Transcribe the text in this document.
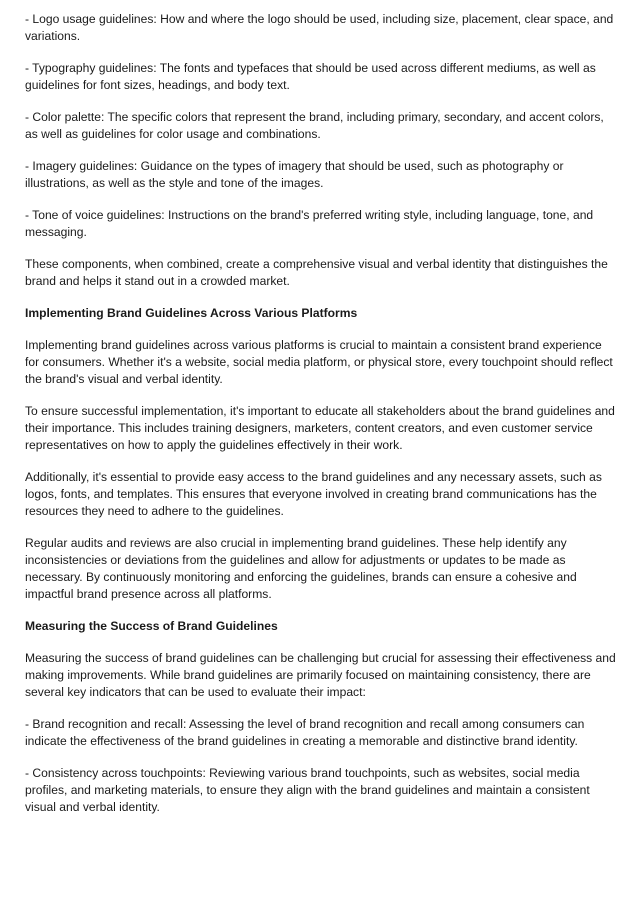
- Logo usage guidelines: How and where the logo should be used, including size, placement, clear space, and variations.

- Typography guidelines: The fonts and typefaces that should be used across different mediums, as well as guidelines for font sizes, headings, and body text.

- Color palette: The specific colors that represent the brand, including primary, secondary, and accent colors, as well as guidelines for color usage and combinations.

- Imagery guidelines: Guidance on the types of imagery that should be used, such as photography or illustrations, as well as the style and tone of the images.

- Tone of voice guidelines: Instructions on the brand's preferred writing style, including language, tone, and messaging.

These components, when combined, create a comprehensive visual and verbal identity that distinguishes the brand and helps it stand out in a crowded market.

Implementing Brand Guidelines Across Various Platforms

Implementing brand guidelines across various platforms is crucial to maintain a consistent brand experience for consumers. Whether it's a website, social media platform, or physical store, every touchpoint should reflect the brand's visual and verbal identity.

To ensure successful implementation, it's important to educate all stakeholders about the brand guidelines and their importance. This includes training designers, marketers, content creators, and even customer service representatives on how to apply the guidelines effectively in their work.

Additionally, it's essential to provide easy access to the brand guidelines and any necessary assets, such as logos, fonts, and templates. This ensures that everyone involved in creating brand communications has the resources they need to adhere to the guidelines.

Regular audits and reviews are also crucial in implementing brand guidelines. These help identify any inconsistencies or deviations from the guidelines and allow for adjustments or updates to be made as necessary. By continuously monitoring and enforcing the guidelines, brands can ensure a cohesive and impactful brand presence across all platforms.

Measuring the Success of Brand Guidelines

Measuring the success of brand guidelines can be challenging but crucial for assessing their effectiveness and making improvements. While brand guidelines are primarily focused on maintaining consistency, there are several key indicators that can be used to evaluate their impact:

- Brand recognition and recall: Assessing the level of brand recognition and recall among consumers can indicate the effectiveness of the brand guidelines in creating a memorable and distinctive brand identity.

- Consistency across touchpoints: Reviewing various brand touchpoints, such as websites, social media profiles, and marketing materials, to ensure they align with the brand guidelines and maintain a consistent visual and verbal identity.
